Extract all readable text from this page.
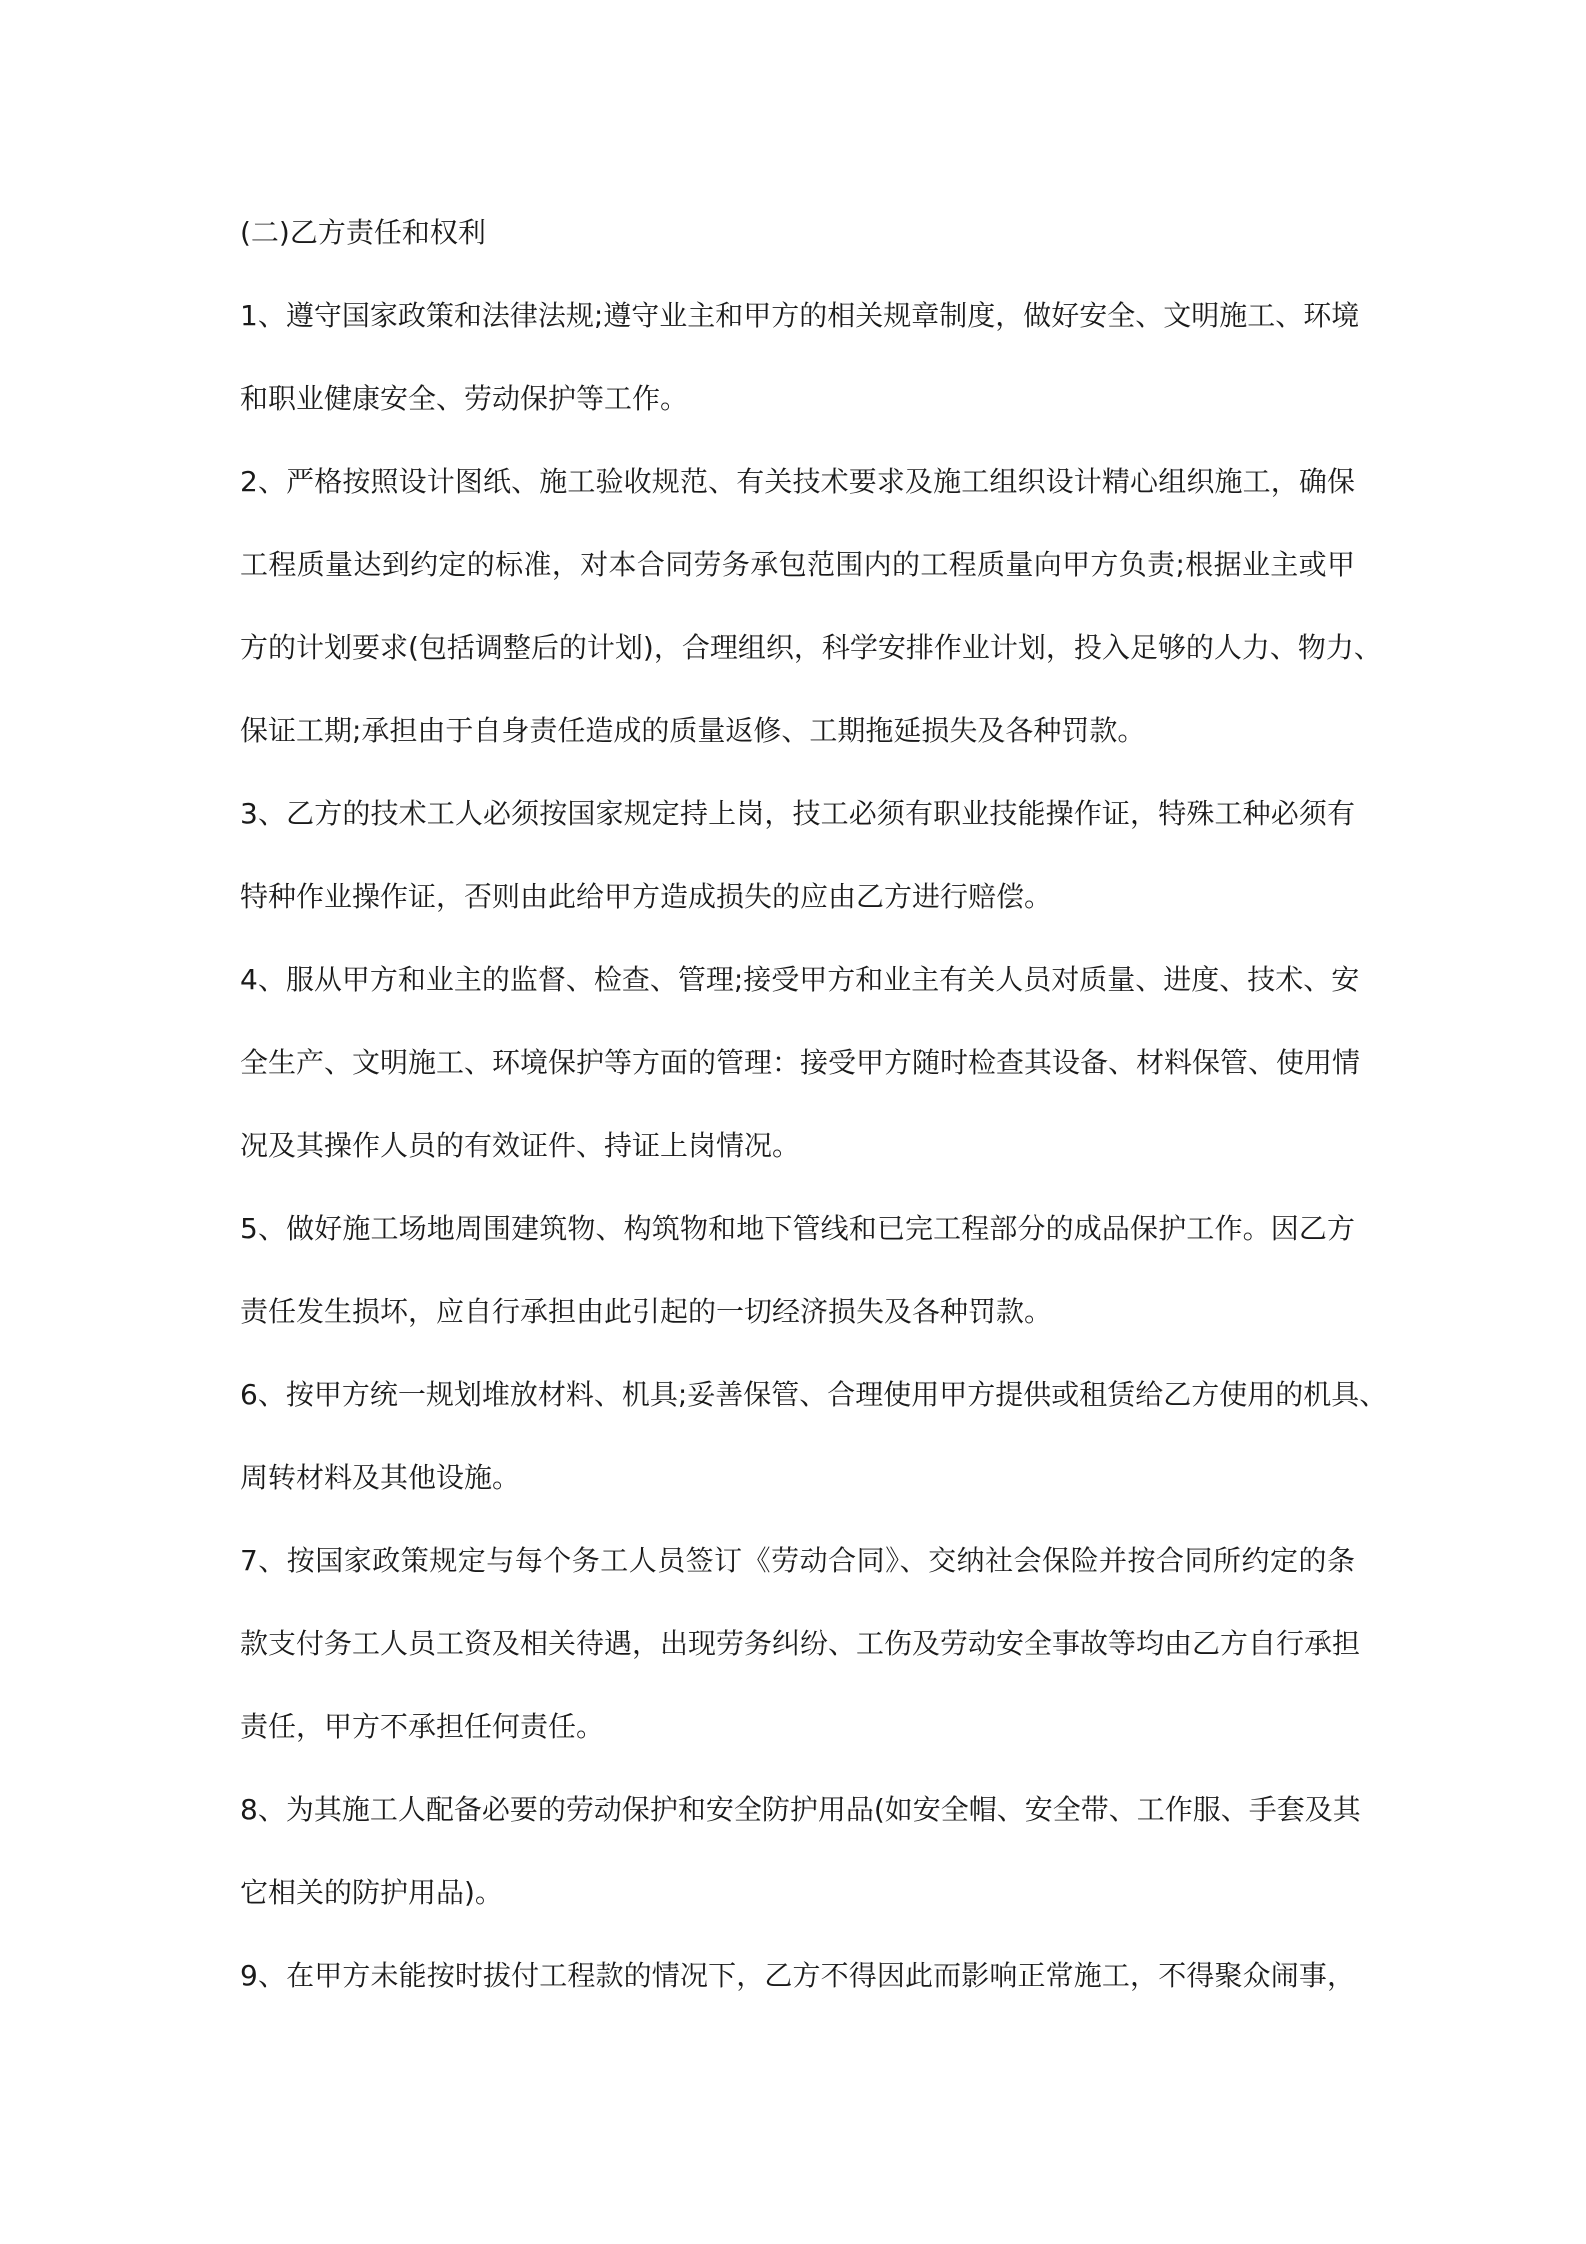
(二)乙方责任和权利
1、遵守国家政策和法律法规;遵守业主和甲方的相关规章制度，做好安全、文明施工、环境
和职业健康安全、劳动保护等工作。
2、严格按照设计图纸、施工验收规范、有关技术要求及施工组织设计精心组织施工，确保
工程质量达到约定的标准，对本合同劳务承包范围内的工程质量向甲方负责;根据业主或甲
方的计划要求(包括调整后的计划)，合理组织，科学安排作业计划，投入足够的人力、物力、
保证工期;承担由于自身责任造成的质量返修、工期拖延损失及各种罚款。
3、乙方的技术工人必须按国家规定持上岗，技工必须有职业技能操作证，特殊工种必须有
特种作业操作证，否则由此给甲方造成损失的应由乙方进行赔偿。
4、服从甲方和业主的监督、检查、管理;接受甲方和业主有关人员对质量、进度、技术、安
全生产、文明施工、环境保护等方面的管理：接受甲方随时检查其设备、材料保管、使用情
况及其操作人员的有效证件、持证上岗情况。
5、做好施工场地周围建筑物、构筑物和地下管线和已完工程部分的成品保护工作。因乙方
责任发生损坏，应自行承担由此引起的一切经济损失及各种罚款。
6、按甲方统一规划堆放材料、机具;妥善保管、合理使用甲方提供或租赁给乙方使用的机具、
周转材料及其他设施。
7、按国家政策规定与每个务工人员签订《劳动合同》、交纳社会保险并按合同所约定的条
款支付务工人员工资及相关待遇，出现劳务纠纷、工伤及劳动安全事故等均由乙方自行承担
责任，甲方不承担任何责任。
8、为其施工人配备必要的劳动保护和安全防护用品(如安全帽、安全带、工作服、手套及其
它相关的防护用品)。
9、在甲方未能按时拔付工程款的情况下，乙方不得因此而影响正常施工，不得聚众闹事，
